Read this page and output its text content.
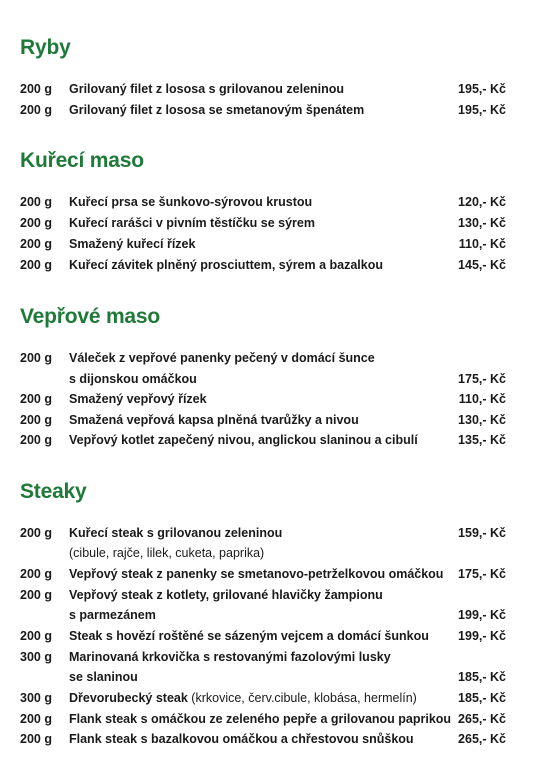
Ryby
200 g Grilovaný filet z lososa s grilovanou zeleninou	195,- Kč
200 g Grilovaný filet z lososa se smetanovým špenátem	195,- Kč
Kuřecí maso
200 g Kuřecí prsa se šunkovo-sýrovou krustou	120,- Kč
200 g Kuřecí rarášci v pivním těstíčku se sýrem	130,- Kč
200 g Smažený kuřecí řízek	110,- Kč
200 g Kuřecí závitek plněný prosciuttem, sýrem a bazalkou	145,- Kč
Vepřové maso
200 g Váleček z vepřové panenky pečený v domácí šunce
s dijonskou omáčkou	175,- Kč
200 g Smažený vepřový řízek	110,- Kč
200 g Smažená vepřová kapsa plněná tvarůžky a nivou	130,- Kč
200 g Vepřový kotlet zapečený nivou, anglickou slaninou a cibulí	135,- Kč
Steaky
200 g Kuřecí steak s grilovanou zeleninou	159,- Kč
(cibule, rajče, lilek, cuketa, paprika)
200 g Vepřový steak z panenky se smetanovo-petrželkovou omáčkou 175,- Kč
200 g Vepřový steak z kotlety, grilované hlavičky žampionu
s parmezánem	199,- Kč
200 g Steak s hovězí roštěné se sázeným vejcem a domácí šunkou 199,- Kč
300 g Marinovaná krkovička s restovanými fazolovými lusky
se slaninou	185,- Kč
300 g Dřevorubecký steak (krkovice, červ.cibule, klobása, hermelín)	185,- Kč
200 g Flank steak s omáčkou ze zeleného pepře a grilovanou paprikou 265,- Kč
200 g Flank steak s bazalkovou omáčkou a chřestovou snůškou	265,- Kč
